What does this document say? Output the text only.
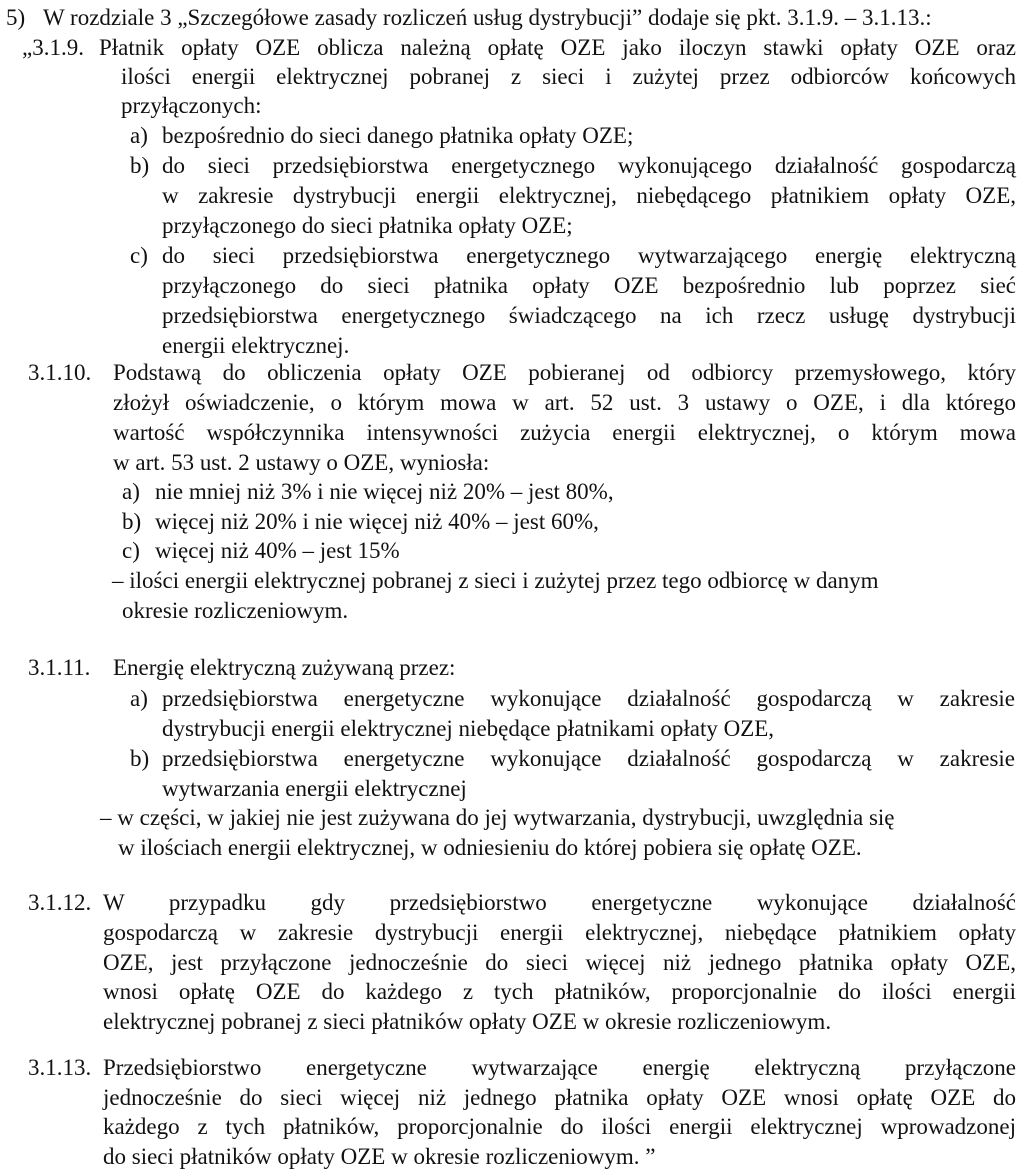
5) W rozdziale 3 „Szczegółowe zasady rozliczeń usług dystrybucji” dodaje się pkt. 3.1.9. – 3.1.13.:
„3.1.9. Płatnik opłaty OZE oblicza należną opłatę OZE jako iloczyn stawki opłaty OZE oraz
ilości energii elektrycznej pobranej z sieci i zużytej przez odbiorców końcowych
przyłączonych:
a) bezpośrednio do sieci danego płatnika opłaty OZE;
b) do sieci przedsiębiorstwa energetycznego wykonującego działalność gospodarczą
w zakresie dystrybucji energii elektrycznej, niebędącego płatnikiem opłaty OZE,
przyłączonego do sieci płatnika opłaty OZE;
c) do sieci przedsiębiorstwa energetycznego wytwarzającego energię elektryczną
przyłączonego do sieci płatnika opłaty OZE bezpośrednio lub poprzez sieć
przedsiębiorstwa energetycznego świadczącego na ich rzecz usługę dystrybucji
energii elektrycznej.
3.1.10. Podstawą do obliczenia opłaty OZE pobieranej od odbiorcy przemysłowego, który
złożył oświadczenie, o którym mowa w art. 52 ust. 3 ustawy o OZE, i dla którego
wartość współczynnika intensywności zużycia energii elektrycznej, o którym mowa
w art. 53 ust. 2 ustawy o OZE, wyniosła:
a) nie mniej niż 3% i nie więcej niż 20% – jest 80%,
b) więcej niż 20% i nie więcej niż 40% – jest 60%,
c) więcej niż 40% – jest 15%
– ilości energii elektrycznej pobranej z sieci i zużytej przez tego odbiorcę w danym
okresie rozliczeniowym.
3.1.11. Energię elektryczną zużywaną przez:
a) przedsiębiorstwa energetyczne wykonujące działalność gospodarczą w zakresie
dystrybucji energii elektrycznej niebędące płatnikami opłaty OZE,
b) przedsiębiorstwa energetyczne wykonujące działalność gospodarczą w zakresie
wytwarzania energii elektrycznej
– w części, w jakiej nie jest zużywana do jej wytwarzania, dystrybucji, uwzględnia się
w ilościach energii elektrycznej, w odniesieniu do której pobiera się opłatę OZE.
3.1.12. W przypadku gdy przedsiębiorstwo energetyczne wykonujące działalność
gospodarczą w zakresie dystrybucji energii elektrycznej, niebędące płatnikiem opłaty
OZE, jest przyłączone jednocześnie do sieci więcej niż jednego płatnika opłaty OZE,
wnosi opłatę OZE do każdego z tych płatników, proporcjonalnie do ilości energii
elektrycznej pobranej z sieci płatników opłaty OZE w okresie rozliczeniowym.
3.1.13. Przedsiębiorstwo energetyczne wytwarzające energię elektryczną przyłączone
jednocześnie do sieci więcej niż jednego płatnika opłaty OZE wnosi opłatę OZE do
każdego z tych płatników, proporcjonalnie do ilości energii elektrycznej wprowadzonej
do sieci płatników opłaty OZE w okresie rozliczeniowym. ”
